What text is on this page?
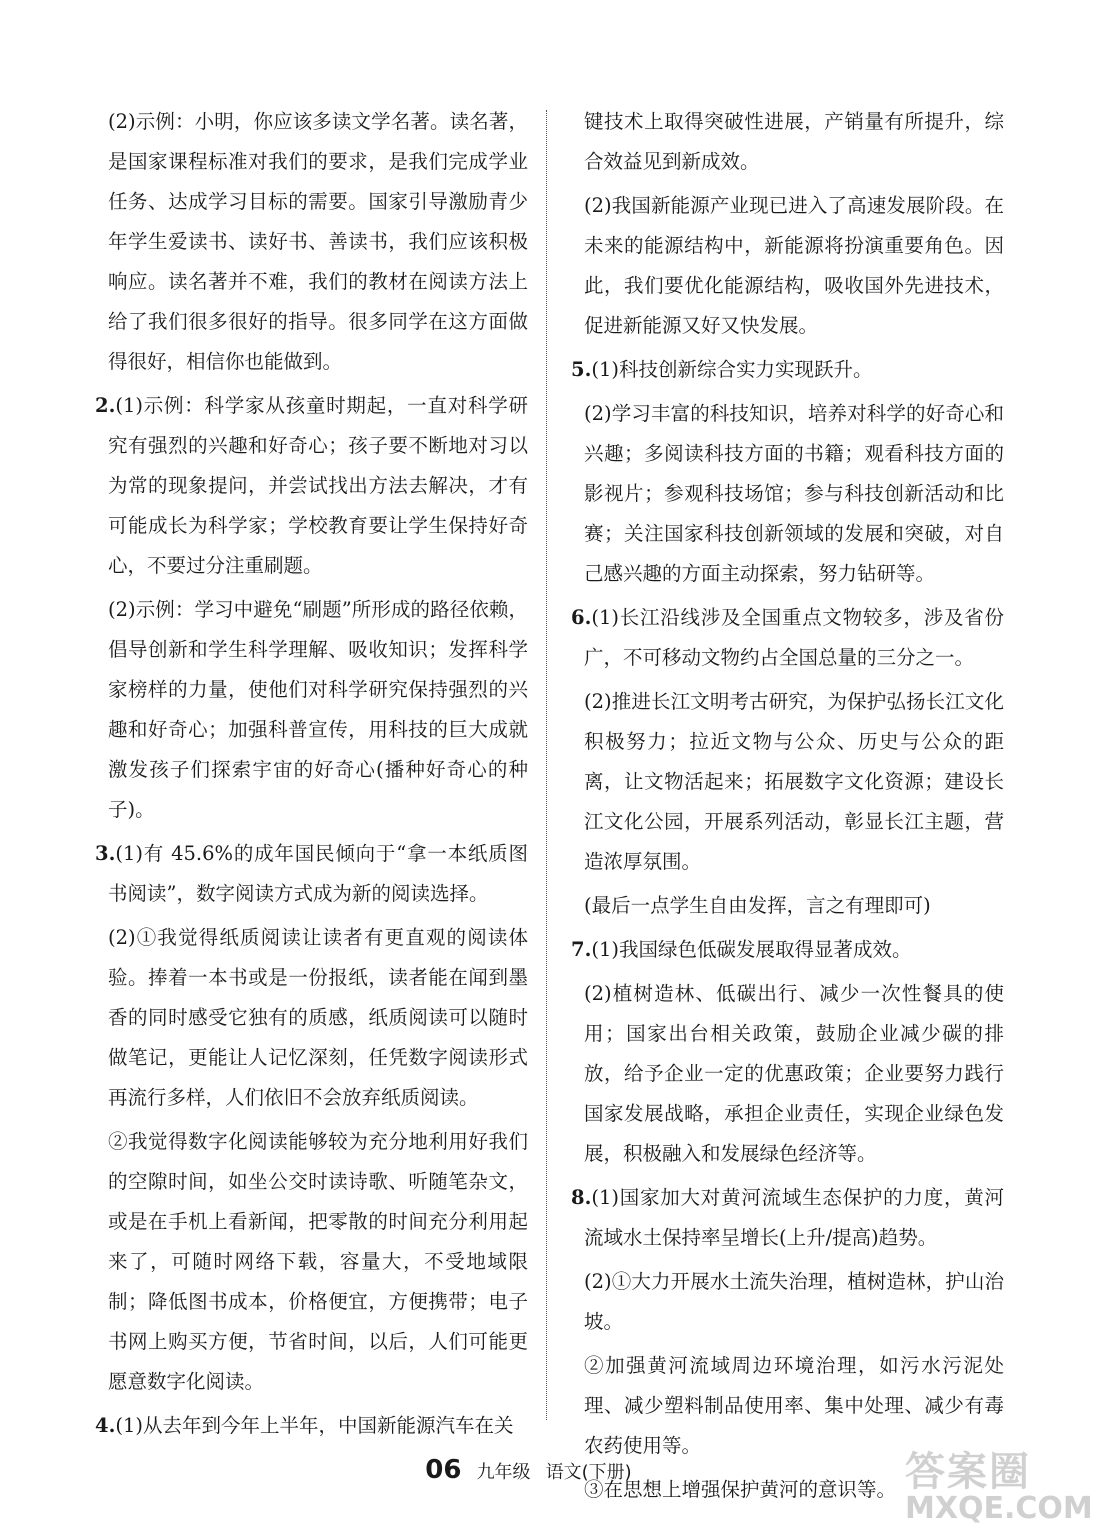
(2)示例：小明，你应该多读文学名著。读名著，是国家课程标准对我们的要求，是我们完成学业任务、达成学习目标的需要。国家引导激励青少年学生爱读书、读好书、善读书，我们应该积极响应。读名著并不难，我们的教材在阅读方法上给了我们很多很好的指导。很多同学在这方面做得很好，相信你也能做到。

2.(1)示例：科学家从孩童时期起，一直对科学研究有强烈的兴趣和好奇心；孩子要不断地对习以为常的现象提问，并尝试找出方法去解决，才有可能成长为科学家；学校教育要让学生保持好奇心，不要过分注重刷题。

(2)示例：学习中避免“刷题”所形成的路径依赖，倡导创新和学生科学理解、吸收知识；发挥科学家榜样的力量，使他们对科学研究保持强烈的兴趣和好奇心；加强科普宣传，用科技的巨大成就激发孩子们探索宇宙的好奇心(播种好奇心的种子)。

3.(1)有 45.6%的成年国民倾向于“拿一本纸质图书阅读”，数字阅读方式成为新的阅读选择。

(2)①我觉得纸质阅读让读者有更直观的阅读体验。捧着一本书或是一份报纸，读者能在闻到墨香的同时感受它独有的质感，纸质阅读可以随时做笔记，更能让人记忆深刻，任凭数字阅读形式再流行多样，人们依旧不会放弃纸质阅读。

②我觉得数字化阅读能够较为充分地利用好我们的空隙时间，如坐公交时读诗歌、听随笔杂文，或是在手机上看新闻，把零散的时间充分利用起来了，可随时网络下载，容量大，不受地域限制；降低图书成本，价格便宜，方便携带；电子书网上购买方便，节省时间，以后，人们可能更愿意数字化阅读。

4.(1)从去年到今年上半年，中国新能源汽车在关

键技术上取得突破性进展，产销量有所提升，综合效益见到新成效。

(2)我国新能源产业现已进入了高速发展阶段。在未来的能源结构中，新能源将扮演重要角色。因此，我们要优化能源结构，吸收国外先进技术，促进新能源又好又快发展。

5.(1)科技创新综合实力实现跃升。

(2)学习丰富的科技知识，培养对科学的好奇心和兴趣；多阅读科技方面的书籍；观看科技方面的影视片；参观科技场馆；参与科技创新活动和比赛；关注国家科技创新领域的发展和突破，对自己感兴趣的方面主动探索，努力钻研等。

6.(1)长江沿线涉及全国重点文物较多，涉及省份广，不可移动文物约占全国总量的三分之一。

(2)推进长江文明考古研究，为保护弘扬长江文化积极努力；拉近文物与公众、历史与公众的距离，让文物活起来；拓展数字文化资源；建设长江文化公园，开展系列活动，彰显长江主题，营造浓厚氛围。

(最后一点学生自由发挥，言之有理即可)

7.(1)我国绿色低碳发展取得显著成效。

(2)植树造林、低碳出行、减少一次性餐具的使用；国家出台相关政策，鼓励企业减少碳的排放，给予企业一定的优惠政策；企业要努力践行国家发展战略，承担企业责任，实现企业绿色发展，积极融入和发展绿色经济等。

8.(1)国家加大对黄河流域生态保护的力度，黄河流域水土保持率呈增长(上升/提高)趋势。

(2)①大力开展水土流失治理，植树造林，护山治坡。

②加强黄河流域周边环境治理，如污水污泥处理、减少塑料制品使用率、集中处理、减少有毒农药使用等。

③在思想上增强保护黄河的意识等。

06 九年级 语文(下册)	答案圈
MXQE.COM
